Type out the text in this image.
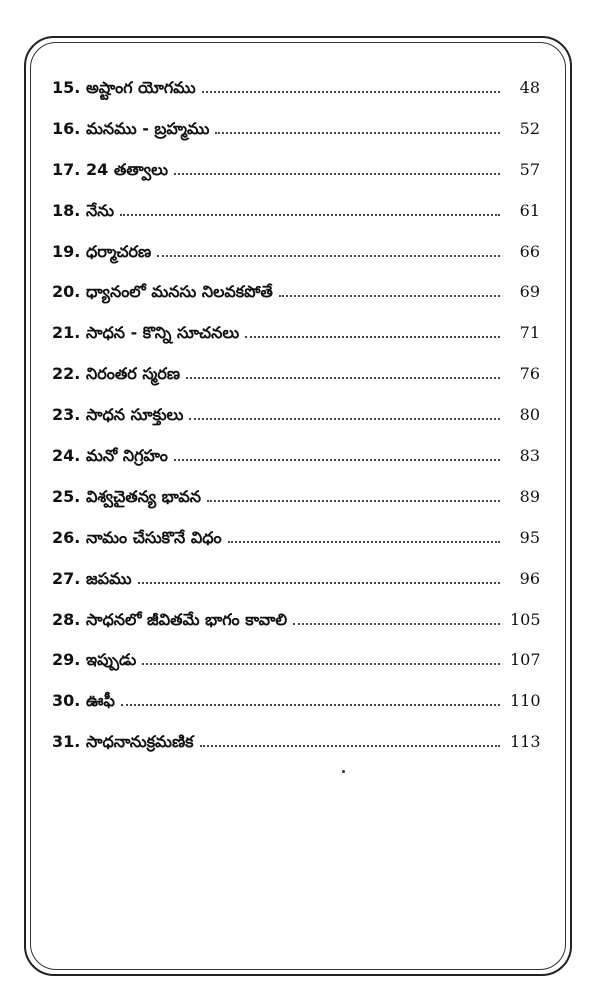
15. అష్టాంగ యోగము	48
16. మనము - బ్రహ్మము	52
17. 24 తత్వాలు	57
18. నేను	61
19. ధర్మాచరణ	66
20. ధ్యానంలో మనసు నిలవకపోతే	69
21. సాధన - కొన్ని సూచనలు	71
22. నిరంతర స్మరణ	76
23. సాధన సూక్తులు	80
24. మనో నిగ్రహం	83
25. విశ్వచైతన్య భావన	89
26. నామం చేసుకొనే విధం	95
27. జపము	96
28. సాధనలో జీవితమే భాగం కావాలి	105
29. ఇప్పుడు	107
30. ఊఫీ	110
31. సాధనానుక్రమణిక	113
